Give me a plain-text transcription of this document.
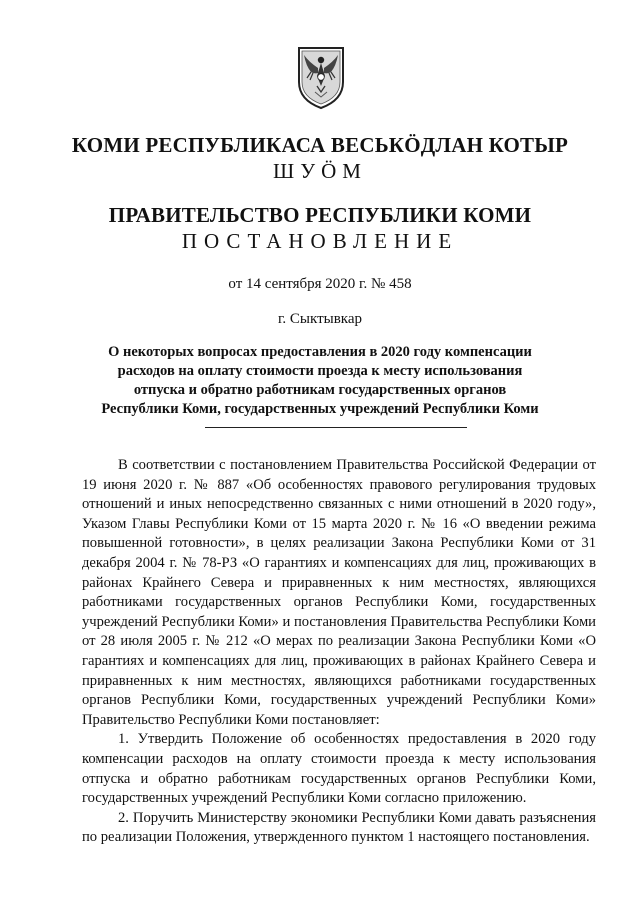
КОМИ РЕСПУБЛИКАСА ВЕСЬКӦДЛАН КОТЫР
ШУӦМ
ПРАВИТЕЛЬСТВО РЕСПУБЛИКИ КОМИ
ПОСТАНОВЛЕНИЕ
от 14 сентября 2020 г. № 458
г. Сыктывкар
О некоторых вопросах предоставления в 2020 году компенсации расходов на оплату стоимости проезда к месту использования отпуска и обратно работникам государственных органов Республики Коми, государственных учреждений Республики Коми

В соответствии с постановлением Правительства Российской Федерации от 19 июня 2020 г. № 887 «Об особенностях правового регулирования трудовых отношений и иных непосредственно связанных с ними отношений в 2020 году», Указом Главы Республики Коми от 15 марта 2020 г. № 16 «О введении режима повышенной готовности», в целях реализации Закона Республики Коми от 31 декабря 2004 г. № 78-РЗ «О гарантиях и компенсациях для лиц, проживающих в районах Крайнего Севера и приравненных к ним местностях, являющихся работниками государственных органов Республики Коми, государственных учреждений Республики Коми» и постановления Правительства Республики Коми от 28 июля 2005 г. № 212 «О мерах по реализации Закона Республики Коми «О гарантиях и компенсациях для лиц, проживающих в районах Крайнего Севера и приравненных к ним местностях, являющихся работниками государственных органов Республики Коми, государственных учреждений Республики Коми» Правительство Республики Коми постановляет:

1. Утвердить Положение об особенностях предоставления в 2020 году компенсации расходов на оплату стоимости проезда к месту использования отпуска и обратно работникам государственных органов Республики Коми, государственных учреждений Республики Коми согласно приложению.

2. Поручить Министерству экономики Республики Коми давать разъяснения по реализации Положения, утвержденного пунктом 1 настоящего постановления.
